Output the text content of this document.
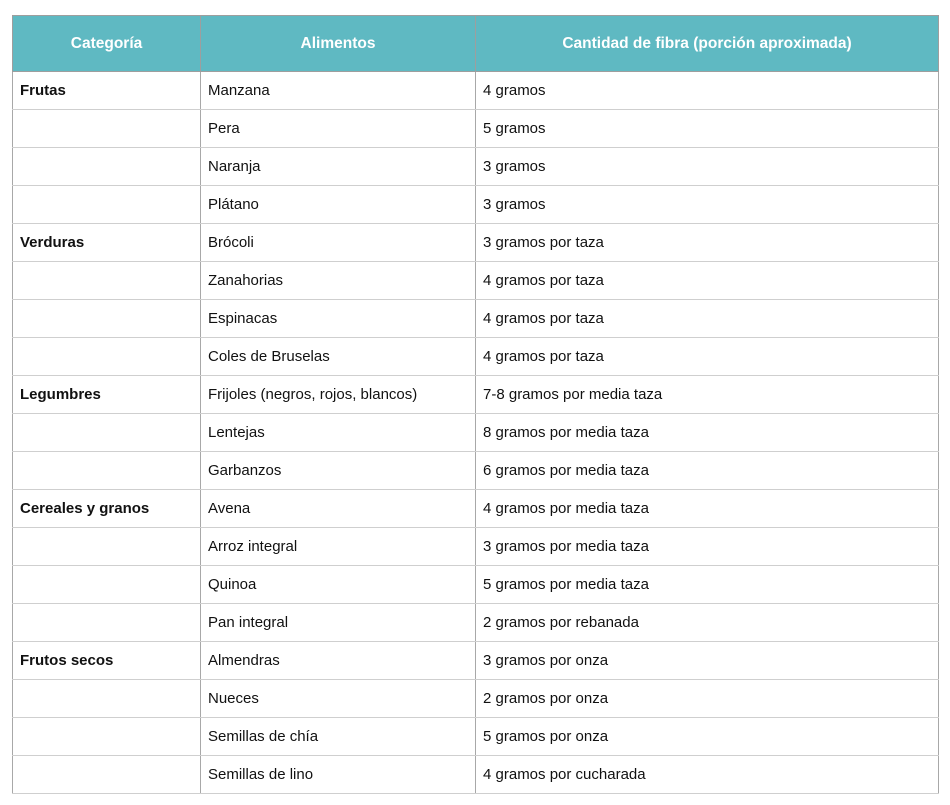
Categoría	Alimentos	Cantidad de fibra (porción aproximada)
Frutas	Manzana	4 gramos
	Pera	5 gramos
	Naranja	3 gramos
	Plátano	3 gramos
Verduras	Brócoli	3 gramos por taza
	Zanahorias	4 gramos por taza
	Espinacas	4 gramos por taza
	Coles de Bruselas	4 gramos por taza
Legumbres	Frijoles (negros, rojos, blancos)	7-8 gramos por media taza
	Lentejas	8 gramos por media taza
	Garbanzos	6 gramos por media taza
Cereales y granos	Avena	4 gramos por media taza
	Arroz integral	3 gramos por media taza
	Quinoa	5 gramos por media taza
	Pan integral	2 gramos por rebanada
Frutos secos	Almendras	3 gramos por onza
	Nueces	2 gramos por onza
	Semillas de chía	5 gramos por onza
	Semillas de lino	4 gramos por cucharada
